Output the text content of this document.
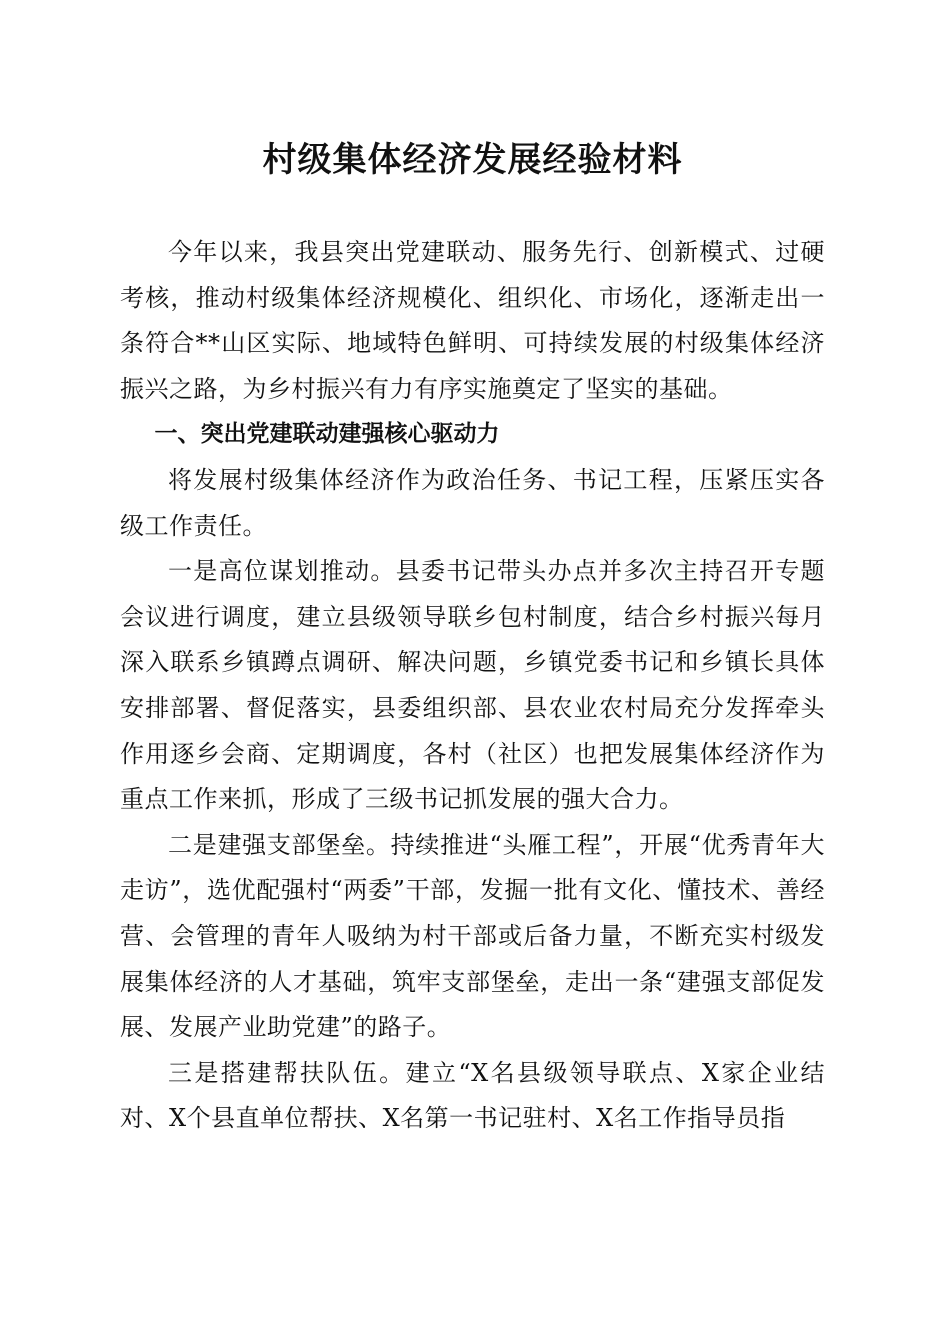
村级集体经济发展经验材料

今年以来，我县突出党建联动、服务先行、创新模式、过硬考核，推动村级集体经济规模化、组织化、市场化，逐渐走出一条符合**山区实际、地域特色鲜明、可持续发展的村级集体经济振兴之路，为乡村振兴有力有序实施奠定了坚实的基础。

一、突出党建联动建强核心驱动力

将发展村级集体经济作为政治任务、书记工程，压紧压实各级工作责任。

一是高位谋划推动。县委书记带头办点并多次主持召开专题会议进行调度，建立县级领导联乡包村制度，结合乡村振兴每月深入联系乡镇蹲点调研、解决问题，乡镇党委书记和乡镇长具体安排部署、督促落实，县委组织部、县农业农村局充分发挥牵头作用逐乡会商、定期调度，各村（社区）也把发展集体经济作为重点工作来抓，形成了三级书记抓发展的强大合力。

二是建强支部堡垒。持续推进“头雁工程”，开展“优秀青年大走访”，选优配强村“两委”干部，发掘一批有文化、懂技术、善经营、会管理的青年人吸纳为村干部或后备力量，不断充实村级发展集体经济的人才基础，筑牢支部堡垒，走出一条“建强支部促发展、发展产业助党建”的路子。

三是搭建帮扶队伍。建立“X名县级领导联点、X家企业结对、X个县直单位帮扶、X名第一书记驻村、X名工作指导员指
